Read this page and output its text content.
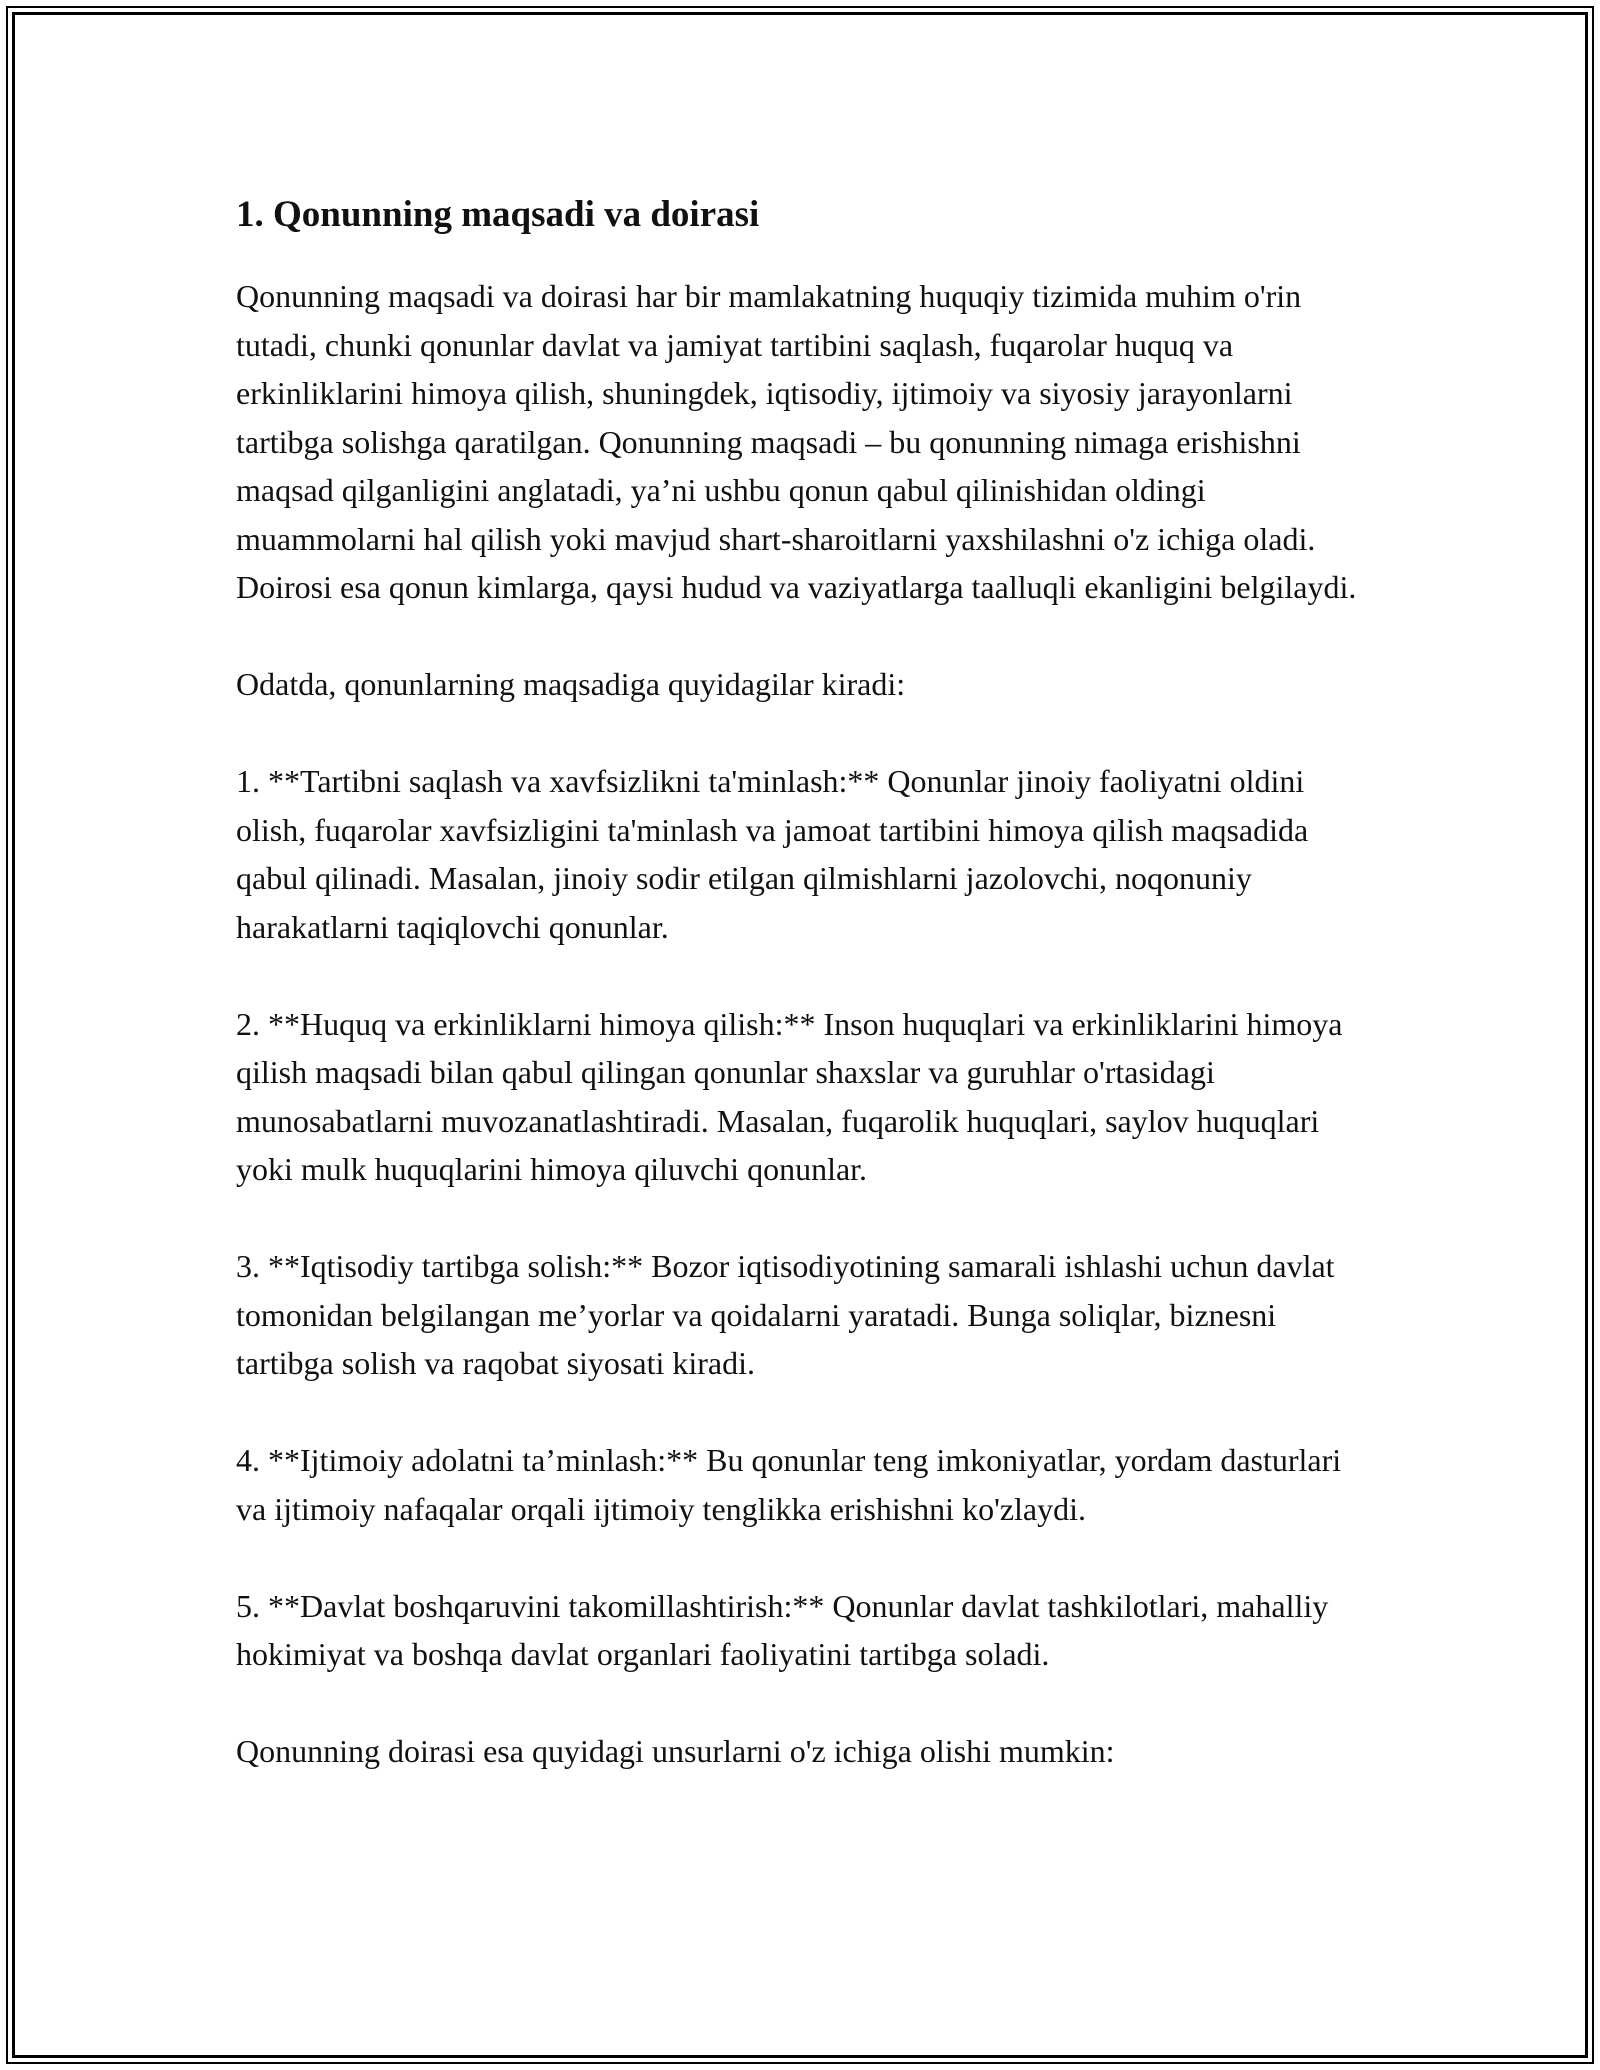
1. Qonunning maqsadi va doirasi

Qonunning maqsadi va doirasi har bir mamlakatning huquqiy tizimida muhim o'rin tutadi, chunki qonunlar davlat va jamiyat tartibini saqlash, fuqarolar huquq va erkinliklarini himoya qilish, shuningdek, iqtisodiy, ijtimoiy va siyosiy jarayonlarni tartibga solishga qaratilgan. Qonunning maqsadi – bu qonunning nimaga erishishni maqsad qilganligini anglatadi, ya’ni ushbu qonun qabul qilinishidan oldingi muammolarni hal qilish yoki mavjud shart-sharoitlarni yaxshilashni o'z ichiga oladi. Doirosi esa qonun kimlarga, qaysi hudud va vaziyatlarga taalluqli ekanligini belgilaydi.

Odatda, qonunlarning maqsadiga quyidagilar kiradi:

1. **Tartibni saqlash va xavfsizlikni ta'minlash:** Qonunlar jinoiy faoliyatni oldini olish, fuqarolar xavfsizligini ta'minlash va jamoat tartibini himoya qilish maqsadida qabul qilinadi. Masalan, jinoiy sodir etilgan qilmishlarni jazolovchi, noqonuniy harakatlarni taqiqlovchi qonunlar.

2. **Huquq va erkinliklarni himoya qilish:** Inson huquqlari va erkinliklarini himoya qilish maqsadi bilan qabul qilingan qonunlar shaxslar va guruhlar o'rtasidagi munosabatlarni muvozanatlashtiradi. Masalan, fuqarolik huquqlari, saylov huquqlari yoki mulk huquqlarini himoya qiluvchi qonunlar.

3. **Iqtisodiy tartibga solish:** Bozor iqtisodiyotining samarali ishlashi uchun davlat tomonidan belgilangan me’yorlar va qoidalarni yaratadi. Bunga soliqlar, biznesni tartibga solish va raqobat siyosati kiradi.

4. **Ijtimoiy adolatni ta’minlash:** Bu qonunlar teng imkoniyatlar, yordam dasturlari va ijtimoiy nafaqalar orqali ijtimoiy tenglikka erishishni ko'zlaydi.

5. **Davlat boshqaruvini takomillashtirish:** Qonunlar davlat tashkilotlari, mahalliy hokimiyat va boshqa davlat organlari faoliyatini tartibga soladi.

Qonunning doirasi esa quyidagi unsurlarni o'z ichiga olishi mumkin:
